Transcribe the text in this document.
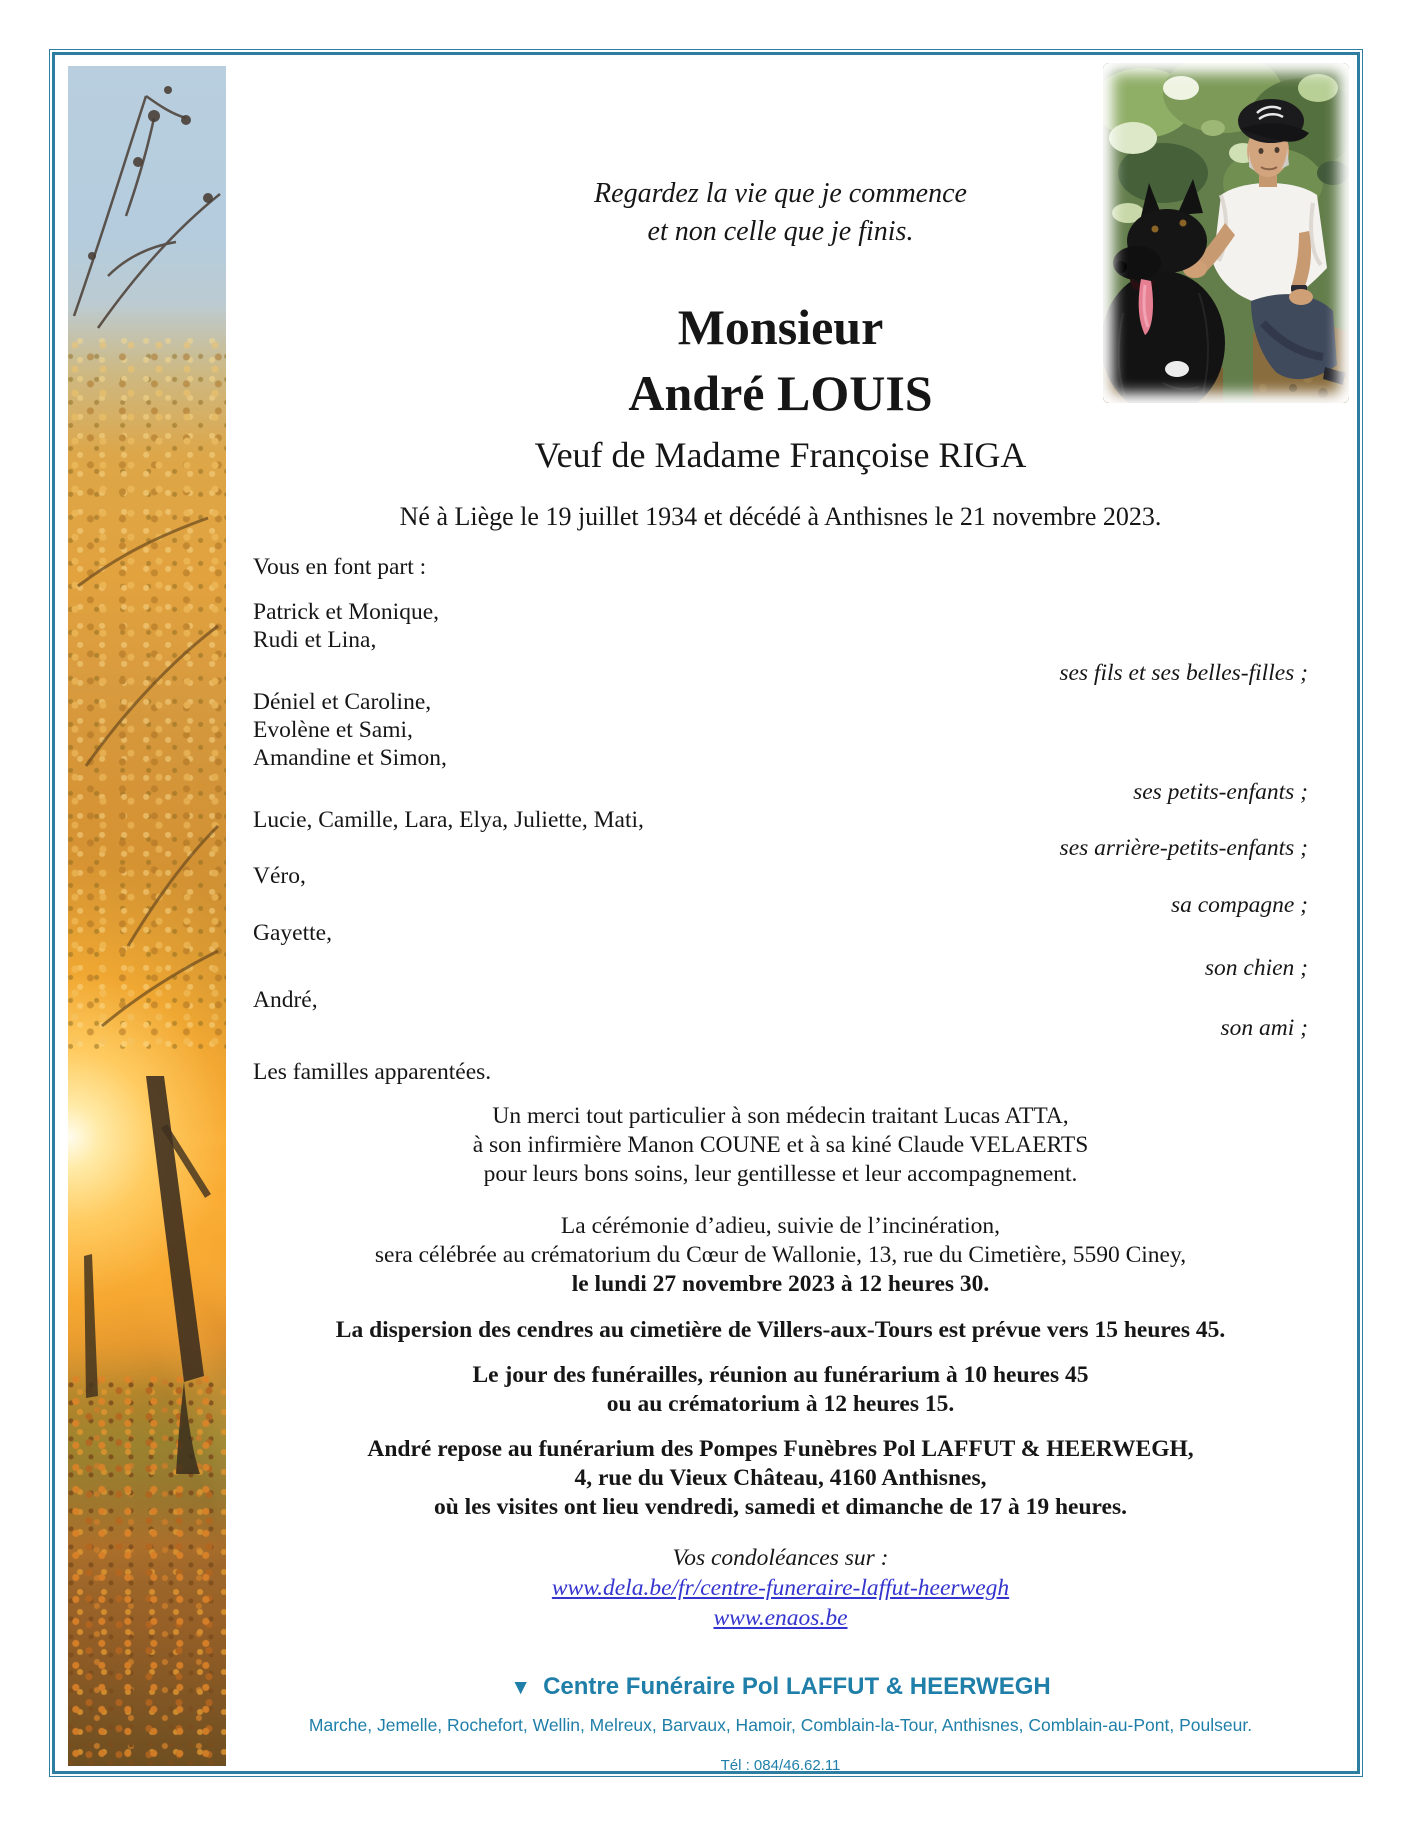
Regardez la vie que je commence
et non celle que je finis.
Monsieur
André LOUIS
Veuf de Madame Françoise RIGA
Né à Liège le 19 juillet 1934 et décédé à Anthisnes le 21 novembre 2023.
Vous en font part :
Patrick et Monique,
Rudi et Lina,
ses fils et ses belles-filles ;
Déniel et Caroline,
Evolène et Sami,
Amandine et Simon,
ses petits-enfants ;
Lucie, Camille, Lara, Elya, Juliette, Mati,
ses arrière-petits-enfants ;
Véro,
sa compagne ;
Gayette,
son chien ;
André,
son ami ;
Les familles apparentées.
Un merci tout particulier à son médecin traitant Lucas ATTA,
à son infirmière Manon COUNE et à sa kiné Claude VELAERTS
pour leurs bons soins, leur gentillesse et leur accompagnement.
La cérémonie d’adieu, suivie de l’incinération,
sera célébrée au crématorium du Cœur de Wallonie, 13, rue du Cimetière, 5590 Ciney,
le lundi 27 novembre 2023 à 12 heures 30.
La dispersion des cendres au cimetière de Villers-aux-Tours est prévue vers 15 heures 45.
Le jour des funérailles, réunion au funérarium à 10 heures 45
ou au crématorium à 12 heures 15.
André repose au funérarium des Pompes Funèbres Pol LAFFUT & HEERWEGH,
4, rue du Vieux Château, 4160 Anthisnes,
où les visites ont lieu vendredi, samedi et dimanche de 17 à 19 heures.
Vos condoléances sur :
www.dela.be/fr/centre-funeraire-laffut-heerwegh
www.enaos.be
▼ Centre Funéraire Pol LAFFUT & HEERWEGH
Marche, Jemelle, Rochefort, Wellin, Melreux, Barvaux, Hamoir, Comblain-la-Tour, Anthisnes, Comblain-au-Pont, Poulseur.
Tél : 084/46.62.11
